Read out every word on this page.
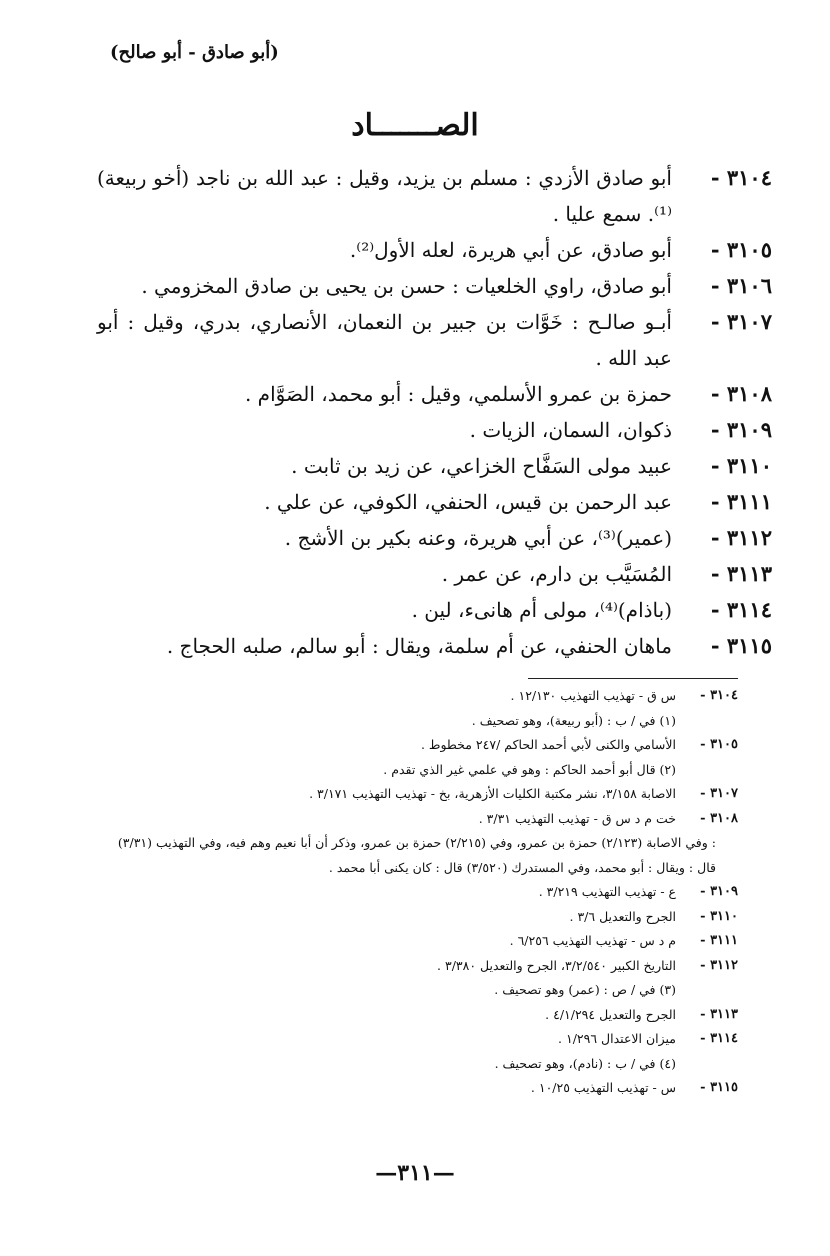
(أبو صادق - أبو صالح)
الصـــــــاد
٣١٠٤ -
أبو صادق الأزدي : مسلم بن يزيد، وقيل : عبد الله بن ناجد (أخو ربيعة)⁽¹⁾. سمع عليا .
٣١٠٥ -
أبو صادق، عن أبي هريرة، لعله الأول⁽²⁾.
٣١٠٦ -
أبو صادق، راوي الخلعيات : حسن بن يحيى بن صادق المخزومي .
٣١٠٧ -
أبـو صالـح : خَوَّات بن جبير بن النعمان، الأنصاري، بدري، وقيل : أبو عبد الله .
٣١٠٨ -
حمزة بن عمرو الأسلمي، وقيل : أبو محمد، الصَوَّام .
٣١٠٩ -
ذكوان، السمان، الزيات .
٣١١٠ -
عبيد مولى السَفَّاح الخزاعي، عن زيد بن ثابت .
٣١١١ -
عبد الرحمن بن قيس، الحنفي، الكوفي، عن علي .
٣١١٢ -
(عمير)⁽³⁾، عن أبي هريرة، وعنه بكير بن الأشج .
٣١١٣ -
المُسَيَّب بن دارم، عن عمر .
٣١١٤ -
(باذام)⁽⁴⁾، مولى أم هانىء، لين .
٣١١٥ -
ماهان الحنفي، عن أم سلمة، ويقال : أبو سالم، صلبه الحجاج .
٣١٠٤ -
س ق - تهذيب التهذيب ١٢/١٣٠ .
(١) في / ب : (أبو ربيعة)، وهو تصحيف .
٣١٠٥ -
الأسامي والكنى لأبي أحمد الحاكم /٢٤٧ مخطوط .
(٢) قال أبو أحمد الحاكم : وهو في علمي غير الذي تقدم .
٣١٠٧ -
الاصابة ٣/١٥٨، نشر مكتبة الكليات الأزهرية، بخ - تهذيب التهذيب ٣/١٧١ .
٣١٠٨ -
خت م د س ق - تهذيب التهذيب ٣/٣١ .
: وفي الاصابة (٢/١٢٣) حمزة بن عمرو، وفي (٢/٢١٥) حمزة بن عمرو، وذكر أن أبا نعيم وهم فيه، وفي التهذيب (٣/٣١) قال : ويقال : أبو محمد، وفي المستدرك (٣/٥٢٠) قال : كان يكنى أبا محمد .
٣١٠٩ -
ع - تهذيب التهذيب ٣/٢١٩ .
٣١١٠ -
الجرح والتعديل ٣/٦ .
٣١١١ -
م د س - تهذيب التهذيب ٦/٢٥٦ .
٣١١٢ -
التاريخ الكبير ٣/٢/٥٤٠، الجرح والتعديل ٣/٣٨٠ .
(٣) في / ص : (عمر) وهو تصحيف .
٣١١٣ -
الجرح والتعديل ٤/١/٢٩٤ .
٣١١٤ -
ميزان الاعتدال ١/٢٩٦ .
(٤) في / ب : (نادم)، وهو تصحيف .
٣١١٥ -
س - تهذيب التهذيب ١٠/٢٥ .
—٣١١—
